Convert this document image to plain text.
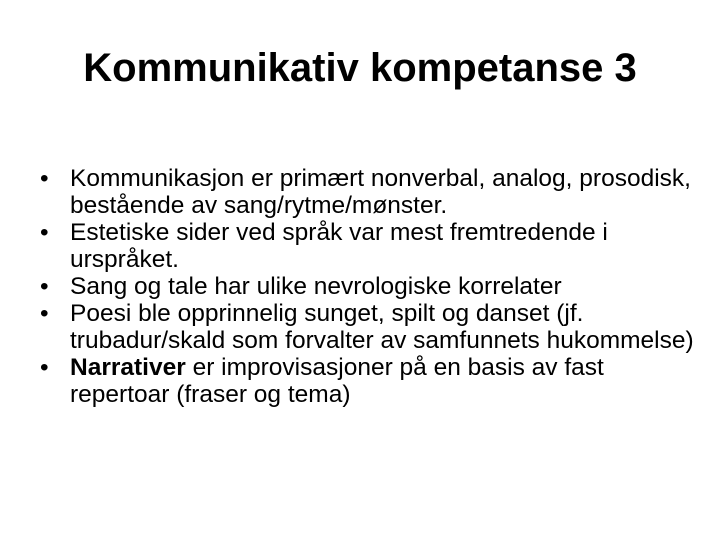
Kommunikativ kompetanse 3
• Kommunikasjon er primært nonverbal, analog, prosodisk, bestående av sang/rytme/mønster.
• Estetiske sider ved språk var mest fremtredende i urspråket.
• Sang og tale har ulike nevrologiske korrelater
• Poesi ble opprinnelig sunget, spilt og danset (jf. trubadur/skald som forvalter av samfunnets hukommelse)
• Narrativer er improvisasjoner på en basis av fast repertoar (fraser og tema)
